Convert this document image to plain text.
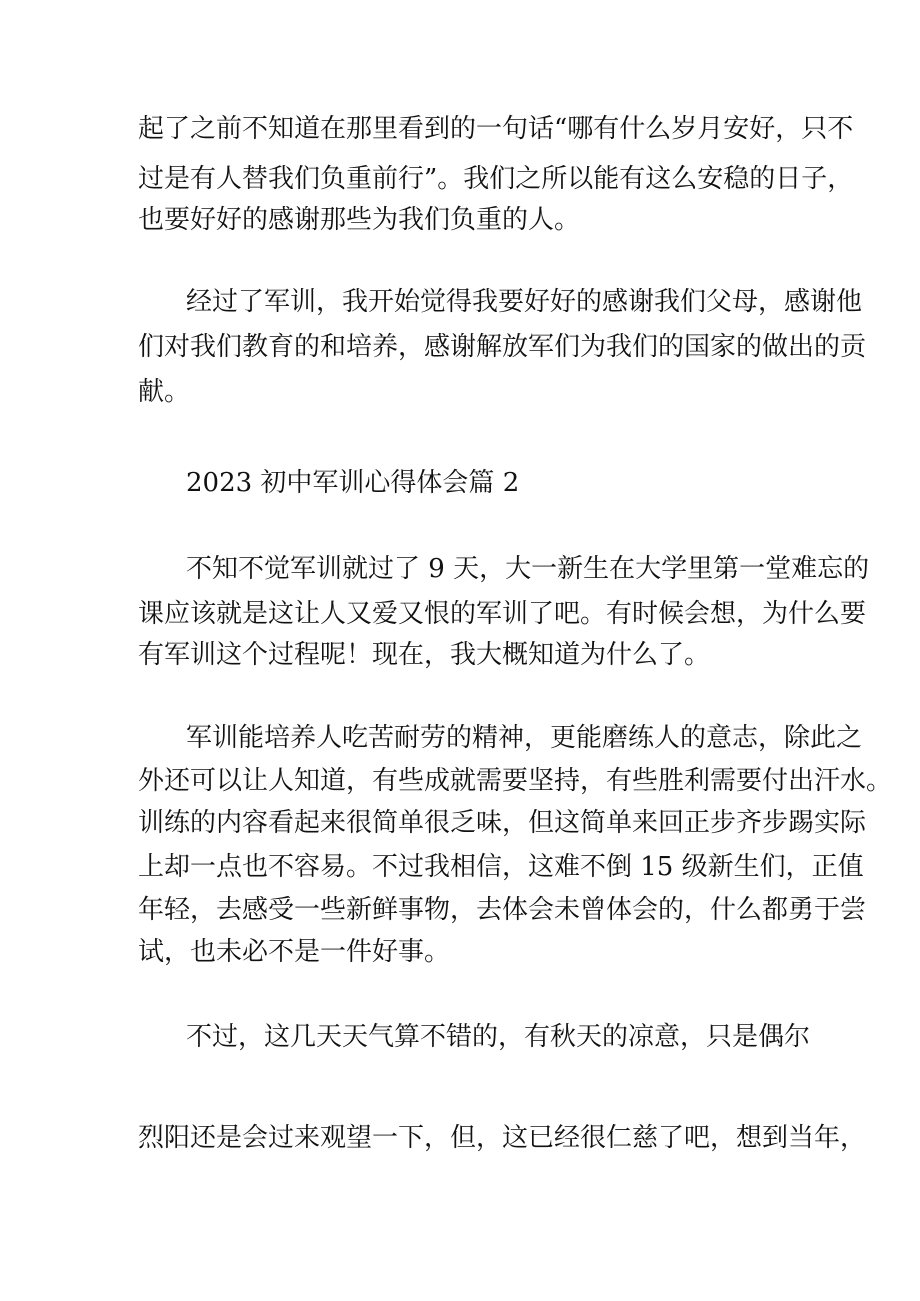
起了之前不知道在那里看到的一句话“哪有什么岁月安好，只不

过是有人替我们负重前行”。我们之所以能有这么安稳的日子，

也要好好的感谢那些为我们负重的人。

经过了军训，我开始觉得我要好好的感谢我们父母，感谢他

们对我们教育的和培养，感谢解放军们为我们的国家的做出的贡

献。

2023 初中军训心得体会篇 2

不知不觉军训就过了 9 天，大一新生在大学里第一堂难忘的

课应该就是这让人又爱又恨的军训了吧。有时候会想，为什么要

有军训这个过程呢！现在，我大概知道为什么了。

军训能培养人吃苦耐劳的精神，更能磨练人的意志，除此之

外还可以让人知道，有些成就需要坚持，有些胜利需要付出汗水。

训练的内容看起来很简单很乏味，但这简单来回正步齐步踢实际

上却一点也不容易。不过我相信，这难不倒 15 级新生们，正值

年轻，去感受一些新鲜事物，去体会未曾体会的，什么都勇于尝

试，也未必不是一件好事。

不过，这几天天气算不错的，有秋天的凉意，只是偶尔

烈阳还是会过来观望一下，但，这已经很仁慈了吧，想到当年，
